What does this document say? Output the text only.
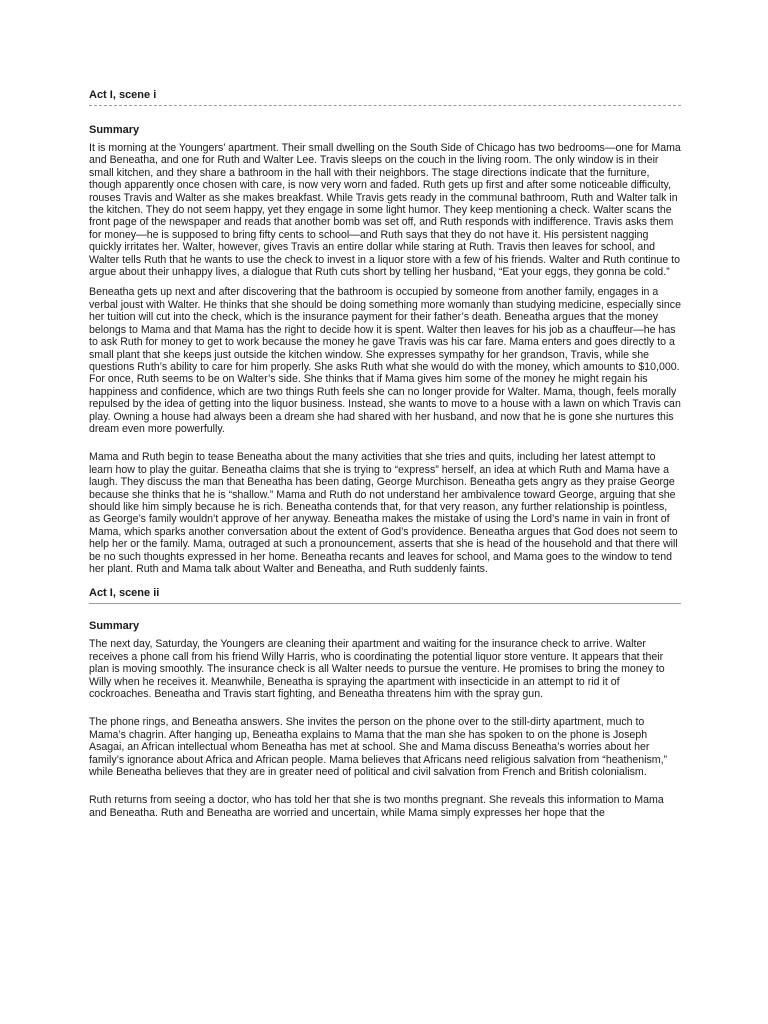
Act I, scene i
Summary

It is morning at the Youngers’ apartment. Their small dwelling on the South Side of Chicago has two bedrooms—one for Mama and Beneatha, and one for Ruth and Walter Lee. Travis sleeps on the couch in the living room. The only window is in their small kitchen, and they share a bathroom in the hall with their neighbors. The stage directions indicate that the furniture, though apparently once chosen with care, is now very worn and faded. Ruth gets up first and after some noticeable difficulty, rouses Travis and Walter as she makes breakfast. While Travis gets ready in the communal bathroom, Ruth and Walter talk in the kitchen. They do not seem happy, yet they engage in some light humor. They keep mentioning a check. Walter scans the front page of the newspaper and reads that another bomb was set off, and Ruth responds with indifference. Travis asks them for money—he is supposed to bring fifty cents to school—and Ruth says that they do not have it. His persistent nagging quickly irritates her. Walter, however, gives Travis an entire dollar while staring at Ruth. Travis then leaves for school, and Walter tells Ruth that he wants to use the check to invest in a liquor store with a few of his friends. Walter and Ruth continue to argue about their unhappy lives, a dialogue that Ruth cuts short by telling her husband, “Eat your eggs, they gonna be cold.”

Beneatha gets up next and after discovering that the bathroom is occupied by someone from another family, engages in a verbal joust with Walter. He thinks that she should be doing something more womanly than studying medicine, especially since her tuition will cut into the check, which is the insurance payment for their father’s death. Beneatha argues that the money belongs to Mama and that Mama has the right to decide how it is spent. Walter then leaves for his job as a chauffeur—he has to ask Ruth for money to get to work because the money he gave Travis was his car fare. Mama enters and goes directly to a small plant that she keeps just outside the kitchen window. She expresses sympathy for her grandson, Travis, while she questions Ruth’s ability to care for him properly. She asks Ruth what she would do with the money, which amounts to $10,000. For once, Ruth seems to be on Walter’s side. She thinks that if Mama gives him some of the money he might regain his happiness and confidence, which are two things Ruth feels she can no longer provide for Walter. Mama, though, feels morally repulsed by the idea of getting into the liquor business. Instead, she wants to move to a house with a lawn on which Travis can play. Owning a house had always been a dream she had shared with her husband, and now that he is gone she nurtures this dream even more powerfully.

Mama and Ruth begin to tease Beneatha about the many activities that she tries and quits, including her latest attempt to learn how to play the guitar. Beneatha claims that she is trying to “express” herself, an idea at which Ruth and Mama have a laugh. They discuss the man that Beneatha has been dating, George Murchison. Beneatha gets angry as they praise George because she thinks that he is “shallow.” Mama and Ruth do not understand her ambivalence toward George, arguing that she should like him simply because he is rich. Beneatha contends that, for that very reason, any further relationship is pointless, as George’s family wouldn’t approve of her anyway. Beneatha makes the mistake of using the Lord’s name in vain in front of Mama, which sparks another conversation about the extent of God’s providence. Beneatha argues that God does not seem to help her or the family. Mama, outraged at such a pronouncement, asserts that she is head of the household and that there will be no such thoughts expressed in her home. Beneatha recants and leaves for school, and Mama goes to the window to tend her plant. Ruth and Mama talk about Walter and Beneatha, and Ruth suddenly faints.

Act I, scene ii
Summary

The next day, Saturday, the Youngers are cleaning their apartment and waiting for the insurance check to arrive. Walter receives a phone call from his friend Willy Harris, who is coordinating the potential liquor store venture. It appears that their plan is moving smoothly. The insurance check is all Walter needs to pursue the venture. He promises to bring the money to Willy when he receives it. Meanwhile, Beneatha is spraying the apartment with insecticide in an attempt to rid it of cockroaches. Beneatha and Travis start fighting, and Beneatha threatens him with the spray gun.

The phone rings, and Beneatha answers. She invites the person on the phone over to the still-dirty apartment, much to Mama’s chagrin. After hanging up, Beneatha explains to Mama that the man she has spoken to on the phone is Joseph Asagai, an African intellectual whom Beneatha has met at school. She and Mama discuss Beneatha’s worries about her family’s ignorance about Africa and African people. Mama believes that Africans need religious salvation from “heathenism,” while Beneatha believes that they are in greater need of political and civil salvation from French and British colonialism.

Ruth returns from seeing a doctor, who has told her that she is two months pregnant. She reveals this information to Mama and Beneatha. Ruth and Beneatha are worried and uncertain, while Mama simply expresses her hope that the
